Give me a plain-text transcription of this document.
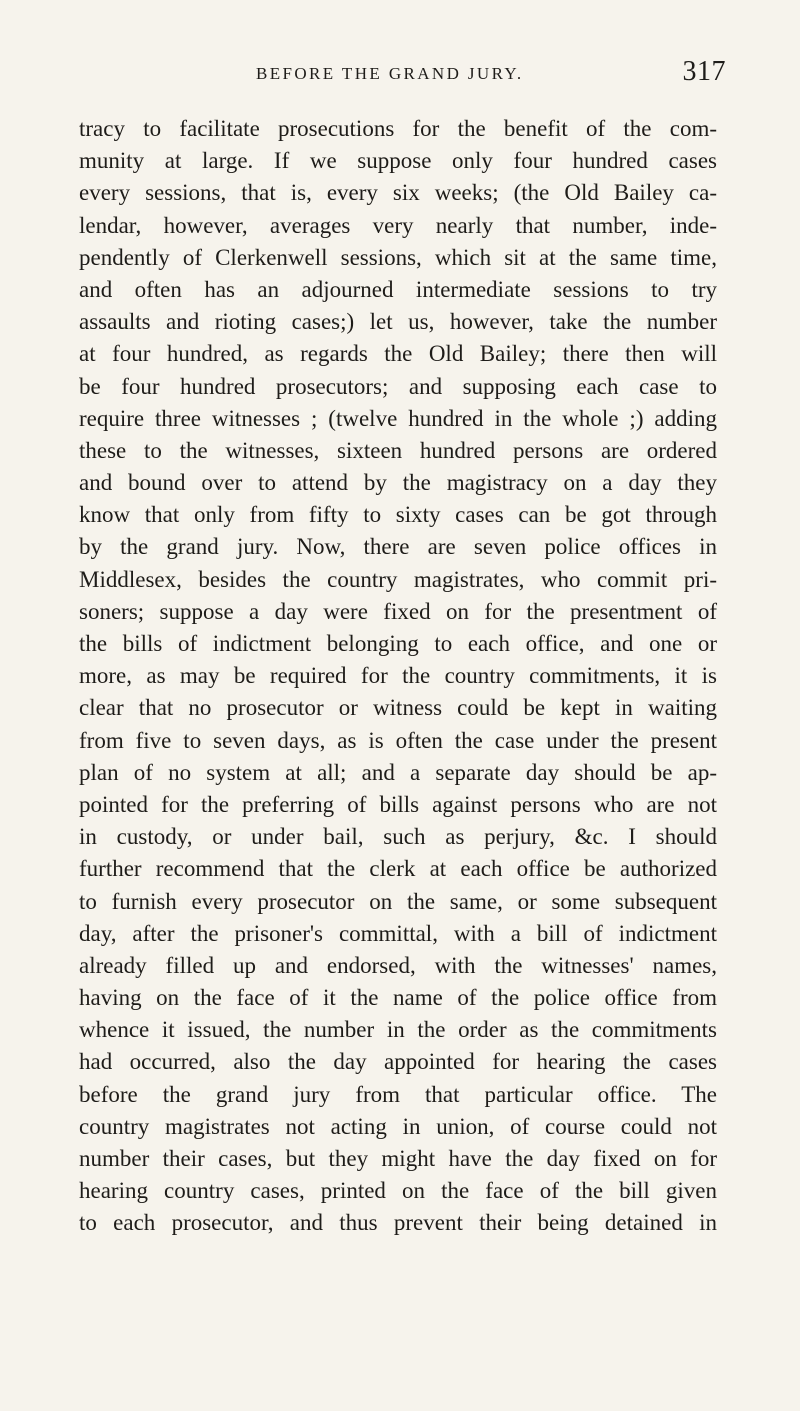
BEFORE THE GRAND JURY.	317
tracy to facilitate prosecutions for the benefit of the com-
munity at large. If we suppose only four hundred cases
every sessions, that is, every six weeks; (the Old Bailey ca-
lendar, however, averages very nearly that number, inde-
pendently of Clerkenwell sessions, which sit at the same time,
and often has an adjourned intermediate sessions to try
assaults and rioting cases;) let us, however, take the number
at four hundred, as regards the Old Bailey; there then will
be four hundred prosecutors; and supposing each case to
require three witnesses ; (twelve hundred in the whole ;) adding
these to the witnesses, sixteen hundred persons are ordered
and bound over to attend by the magistracy on a day they
know that only from fifty to sixty cases can be got through
by the grand jury. Now, there are seven police offices in
Middlesex, besides the country magistrates, who commit pri-
soners; suppose a day were fixed on for the presentment of
the bills of indictment belonging to each office, and one or
more, as may be required for the country commitments, it is
clear that no prosecutor or witness could be kept in waiting
from five to seven days, as is often the case under the present
plan of no system at all; and a separate day should be ap-
pointed for the preferring of bills against persons who are not
in custody, or under bail, such as perjury, &c. I should
further recommend that the clerk at each office be authorized
to furnish every prosecutor on the same, or some subsequent
day, after the prisoner's committal, with a bill of indictment
already filled up and endorsed, with the witnesses' names,
having on the face of it the name of the police office from
whence it issued, the number in the order as the commitments
had occurred, also the day appointed for hearing the cases
before the grand jury from that particular office. The
country magistrates not acting in union, of course could not
number their cases, but they might have the day fixed on for
hearing country cases, printed on the face of the bill given
to each prosecutor, and thus prevent their being detained in
